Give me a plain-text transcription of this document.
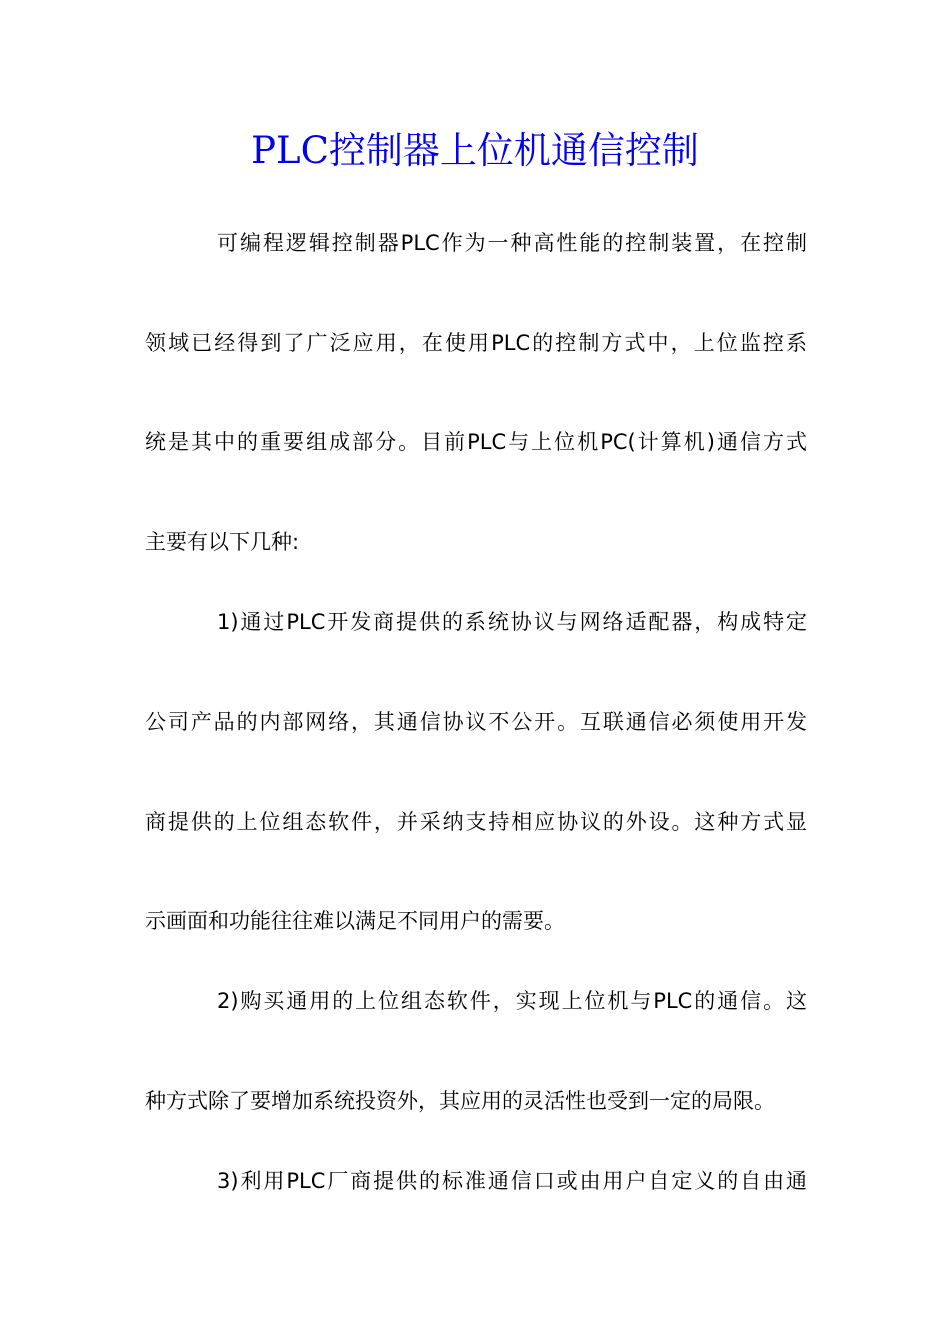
PLC控制器上位机通信控制
可编程逻辑控制器PLC作为一种高性能的控制装置，在控制
领域已经得到了广泛应用，在使用PLC的控制方式中，上位监控系
统是其中的重要组成部分。目前PLC与上位机PC(计算机)通信方式
主要有以下几种:
1)通过PLC开发商提供的系统协议与网络适配器，构成特定
公司产品的内部网络，其通信协议不公开。互联通信必须使用开发
商提供的上位组态软件，并采纳支持相应协议的外设。这种方式显
示画面和功能往往难以满足不同用户的需要。
2)购买通用的上位组态软件，实现上位机与PLC的通信。这
种方式除了要增加系统投资外，其应用的灵活性也受到一定的局限。
3)利用PLC厂商提供的标准通信口或由用户自定义的自由通
